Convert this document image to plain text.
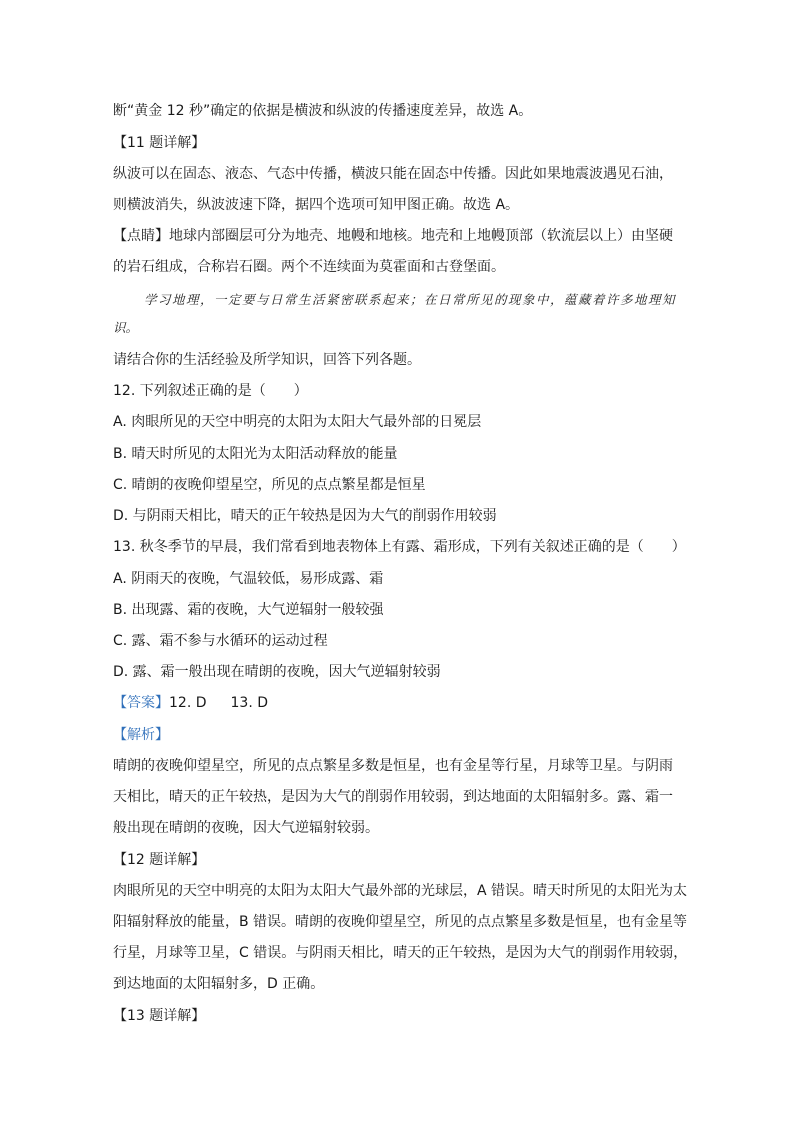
断“黄金 12 秒”确定的依据是横波和纵波的传播速度差异，故选 A。
【11 题详解】
纵波可以在固态、液态、气态中传播，横波只能在固态中传播。因此如果地震波遇见石油，
则横波消失，纵波波速下降，据四个选项可知甲图正确。故选 A。
【点睛】地球内部圈层可分为地壳、地幔和地核。地壳和上地幔顶部（软流层以上）由坚硬
的岩石组成，合称岩石圈。两个不连续面为莫霍面和古登堡面。
学习地理，一定要与日常生活紧密联系起来；在日常所见的现象中，蕴藏着许多地理知
识。
请结合你的生活经验及所学知识，回答下列各题。
12. 下列叙述正确的是（　　）
A. 肉眼所见的天空中明亮的太阳为太阳大气最外部的日冕层
B. 晴天时所见的太阳光为太阳活动释放的能量
C. 晴朗的夜晚仰望星空，所见的点点繁星都是恒星
D. 与阴雨天相比，晴天的正午较热是因为大气的削弱作用较弱
13. 秋冬季节的早晨，我们常看到地表物体上有露、霜形成，下列有关叙述正确的是（　　）
A. 阴雨天的夜晚，气温较低，易形成露、霜
B. 出现露、霜的夜晚，大气逆辐射一般较强
C. 露、霜不参与水循环的运动过程
D. 露、霜一般出现在晴朗的夜晚，因大气逆辐射较弱
【答案】12. D 13. D
【解析】
晴朗的夜晚仰望星空，所见的点点繁星多数是恒星，也有金星等行星，月球等卫星。与阴雨
天相比，晴天的正午较热，是因为大气的削弱作用较弱，到达地面的太阳辐射多。露、霜一
般出现在晴朗的夜晚，因大气逆辐射较弱。
【12 题详解】
肉眼所见的天空中明亮的太阳为太阳大气最外部的光球层，A 错误。晴天时所见的太阳光为太
阳辐射释放的能量，B 错误。晴朗的夜晚仰望星空，所见的点点繁星多数是恒星，也有金星等
行星，月球等卫星，C 错误。与阴雨天相比，晴天的正午较热，是因为大气的削弱作用较弱，
到达地面的太阳辐射多，D 正确。
【13 题详解】
